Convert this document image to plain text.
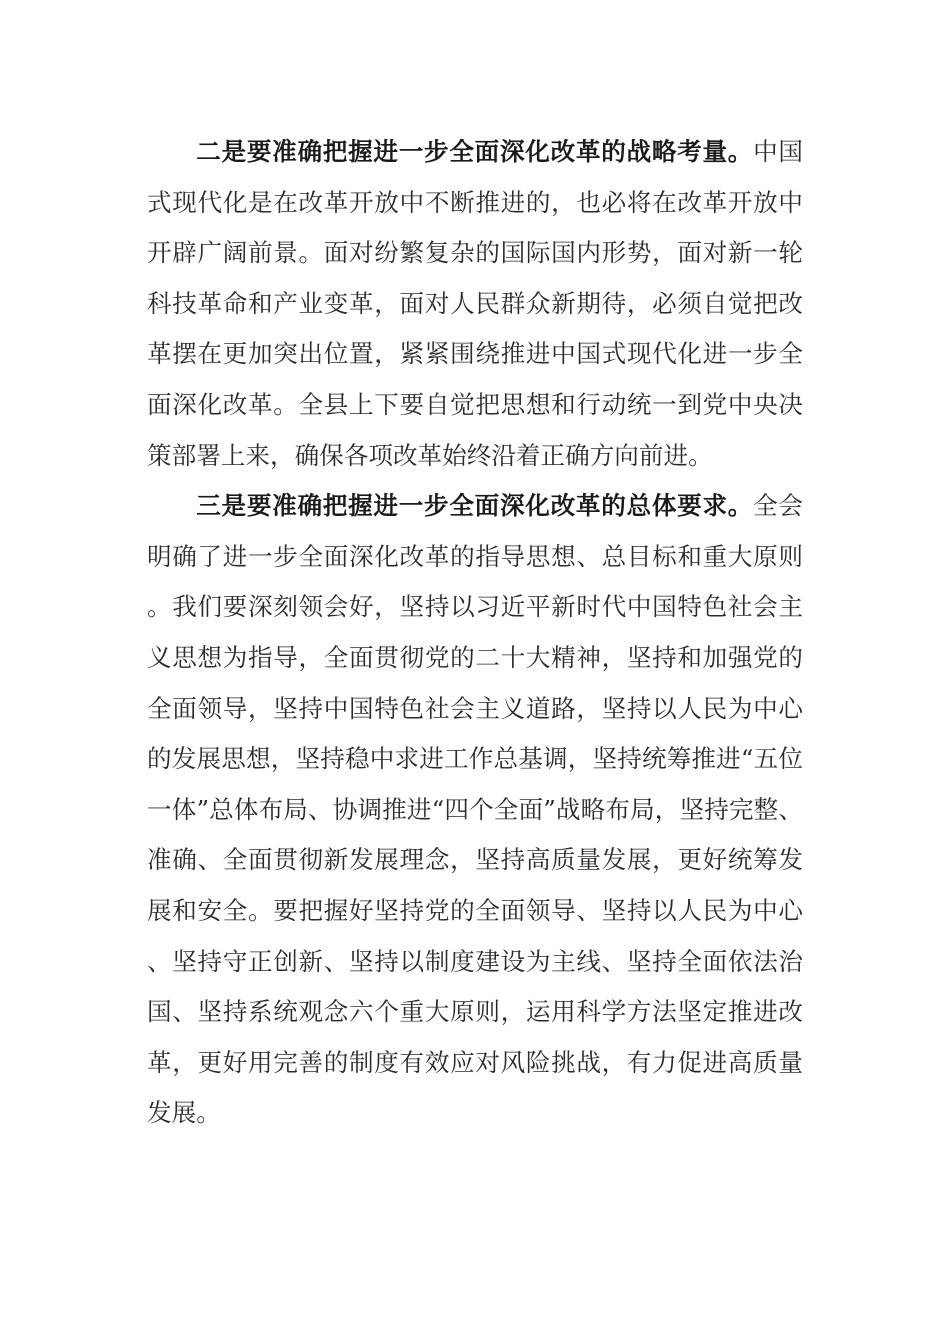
二是要准确把握进一步全面深化改革的战略考量。中国式现代化是在改革开放中不断推进的，也必将在改革开放中开辟广阔前景。面对纷繁复杂的国际国内形势，面对新一轮科技革命和产业变革，面对人民群众新期待，必须自觉把改革摆在更加突出位置，紧紧围绕推进中国式现代化进一步全面深化改革。全县上下要自觉把思想和行动统一到党中央决策部署上来，确保各项改革始终沿着正确方向前进。

三是要准确把握进一步全面深化改革的总体要求。全会明确了进一步全面深化改革的指导思想、总目标和重大原则。我们要深刻领会好，坚持以习近平新时代中国特色社会主义思想为指导，全面贯彻党的二十大精神，坚持和加强党的全面领导，坚持中国特色社会主义道路，坚持以人民为中心的发展思想，坚持稳中求进工作总基调，坚持统筹推进“五位一体”总体布局、协调推进“四个全面”战略布局，坚持完整、准确、全面贯彻新发展理念，坚持高质量发展，更好统筹发展和安全。要把握好坚持党的全面领导、坚持以人民为中心、坚持守正创新、坚持以制度建设为主线、坚持全面依法治国、坚持系统观念六个重大原则，运用科学方法坚定推进改革，更好用完善的制度有效应对风险挑战，有力促进高质量发展。
